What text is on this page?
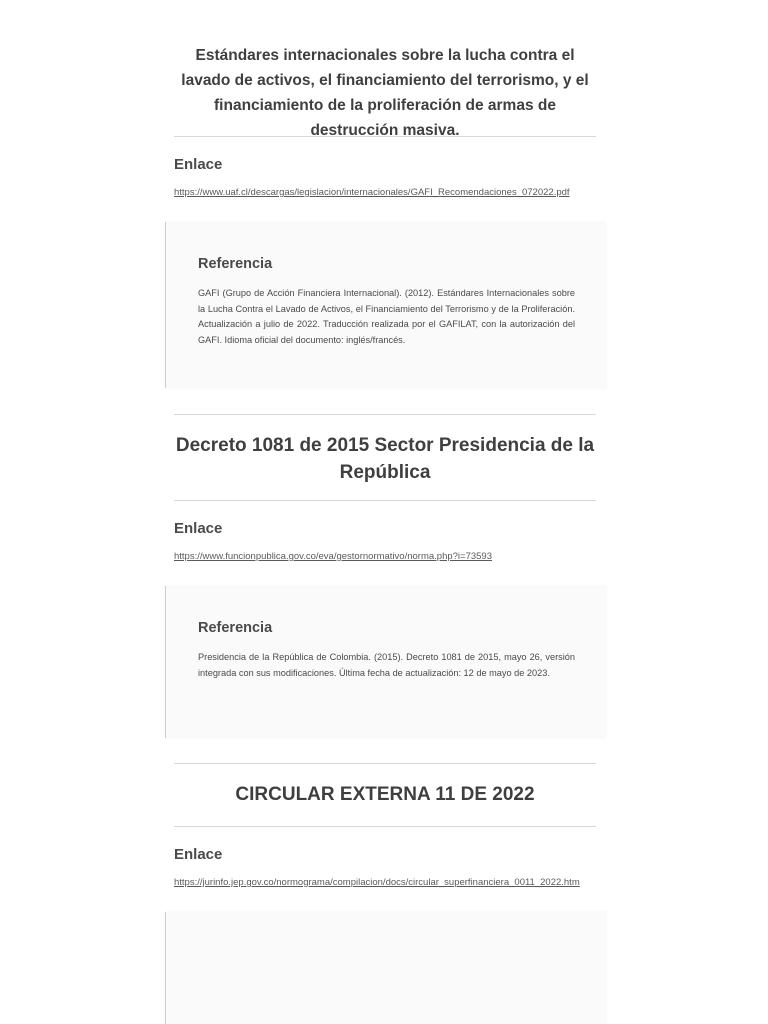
Estándares internacionales sobre la lucha contra el lavado de activos, el financiamiento del terrorismo, y el financiamiento de la proliferación de armas de destrucción masiva.
Enlace
https://www.uaf.cl/descargas/legislacion/internacionales/GAFI_Recomendaciones_072022.pdf
Referencia

GAFI (Grupo de Acción Financiera Internacional). (2012). Estándares Internacionales sobre la Lucha Contra el Lavado de Activos, el Financiamiento del Terrorismo y de la Proliferación. Actualización a julio de 2022. Traducción realizada por el GAFILAT, con la autorización del GAFI. Idioma oficial del documento: inglés/francés.

Decreto 1081 de 2015 Sector Presidencia de la República
Enlace
https://www.funcionpublica.gov.co/eva/gestornormativo/norma.php?i=73593
Referencia

Presidencia de la República de Colombia. (2015). Decreto 1081 de 2015, mayo 26, versión integrada con sus modificaciones. Última fecha de actualización: 12 de mayo de 2023.

CIRCULAR EXTERNA 11 DE 2022
Enlace
https://jurinfo.jep.gov.co/normograma/compilacion/docs/circular_superfinanciera_0011_2022.htm
